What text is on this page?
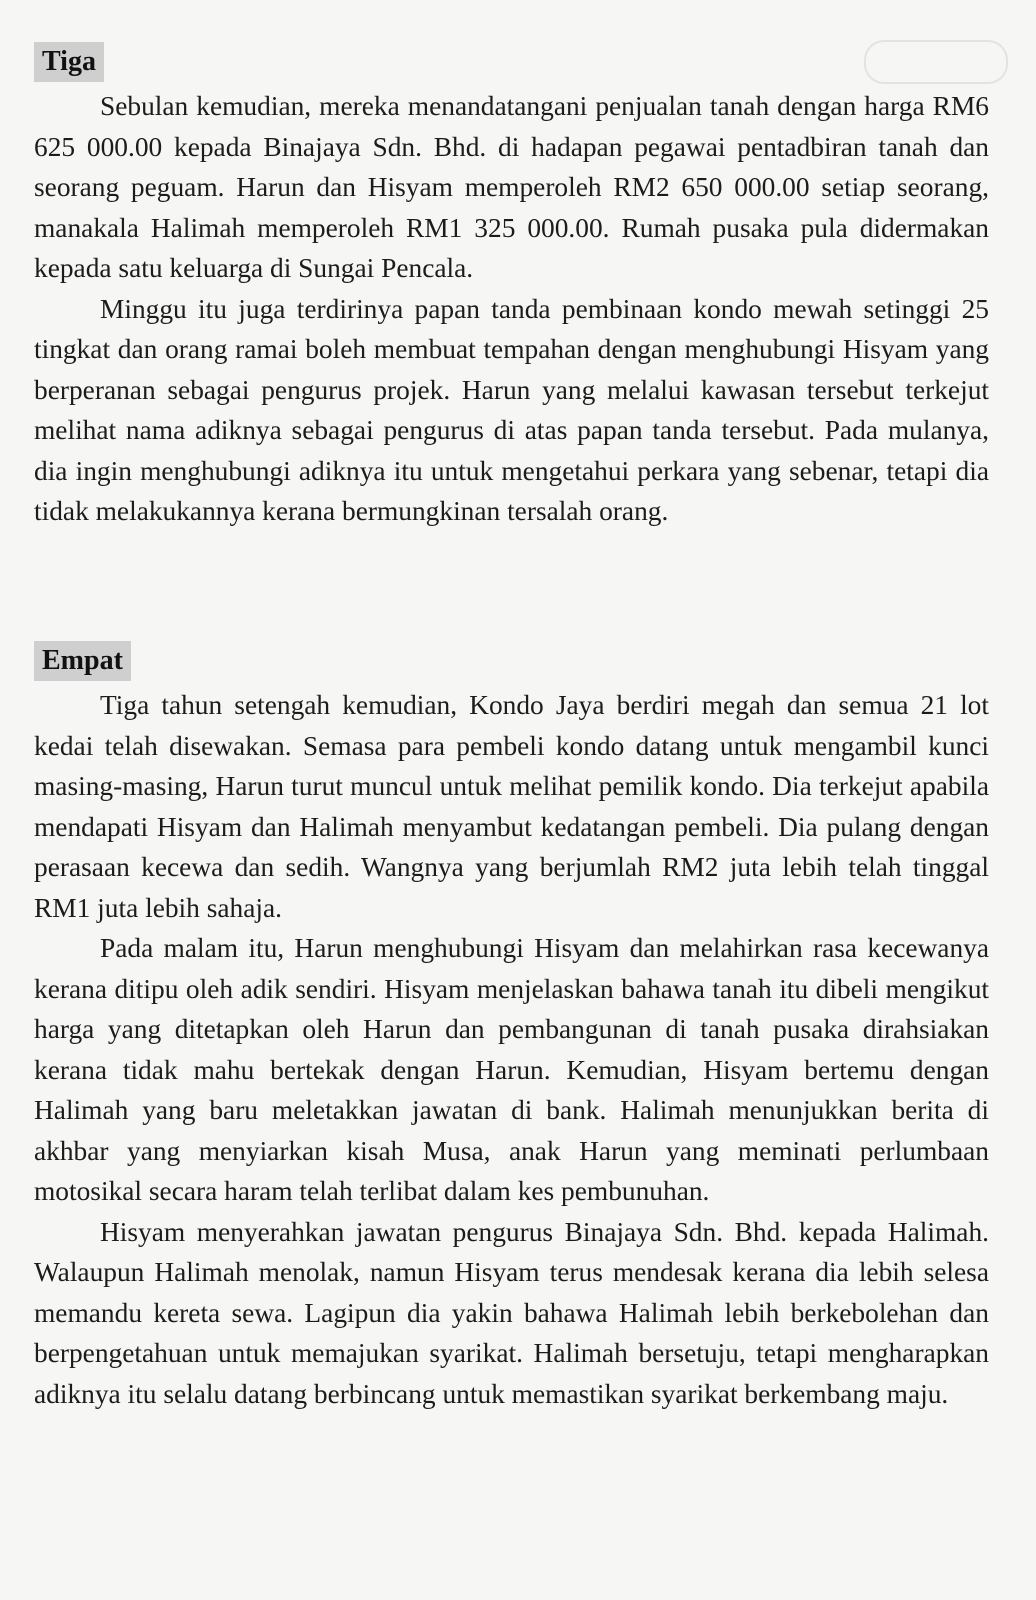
Tiga

Sebulan kemudian, mereka menandatangani penjualan tanah dengan harga RM6 625 000.00 kepada Binajaya Sdn. Bhd. di hadapan pegawai pentadbiran tanah dan seorang peguam. Harun dan Hisyam memperoleh RM2 650 000.00 setiap seorang, manakala Halimah memperoleh RM1 325 000.00. Rumah pusaka pula didermakan kepada satu keluarga di Sungai Pencala.

Minggu itu juga terdirinya papan tanda pembinaan kondo mewah setinggi 25 tingkat dan orang ramai boleh membuat tempahan dengan menghubungi Hisyam yang berperanan sebagai pengurus projek. Harun yang melalui kawasan tersebut terkejut melihat nama adiknya sebagai pengurus di atas papan tanda tersebut. Pada mulanya, dia ingin menghubungi adiknya itu untuk mengetahui perkara yang sebenar, tetapi dia tidak melakukannya kerana bermungkinan tersalah orang.

Empat

Tiga tahun setengah kemudian, Kondo Jaya berdiri megah dan semua 21 lot kedai telah disewakan. Semasa para pembeli kondo datang untuk mengambil kunci masing-masing, Harun turut muncul untuk melihat pemilik kondo. Dia terkejut apabila mendapati Hisyam dan Halimah menyambut kedatangan pembeli. Dia pulang dengan perasaan kecewa dan sedih. Wangnya yang berjumlah RM2 juta lebih telah tinggal RM1 juta lebih sahaja.

Pada malam itu, Harun menghubungi Hisyam dan melahirkan rasa kecewanya kerana ditipu oleh adik sendiri. Hisyam menjelaskan bahawa tanah itu dibeli mengikut harga yang ditetapkan oleh Harun dan pembangunan di tanah pusaka dirahsiakan kerana tidak mahu bertekak dengan Harun. Kemudian, Hisyam bertemu dengan Halimah yang baru meletakkan jawatan di bank. Halimah menunjukkan berita di akhbar yang menyiarkan kisah Musa, anak Harun yang meminati perlumbaan motosikal secara haram telah terlibat dalam kes pembunuhan.

Hisyam menyerahkan jawatan pengurus Binajaya Sdn. Bhd. kepada Halimah. Walaupun Halimah menolak, namun Hisyam terus mendesak kerana dia lebih selesa memandu kereta sewa. Lagipun dia yakin bahawa Halimah lebih berkebolehan dan berpengetahuan untuk memajukan syarikat. Halimah bersetuju, tetapi mengharapkan adiknya itu selalu datang berbincang untuk memastikan syarikat berkembang maju.
